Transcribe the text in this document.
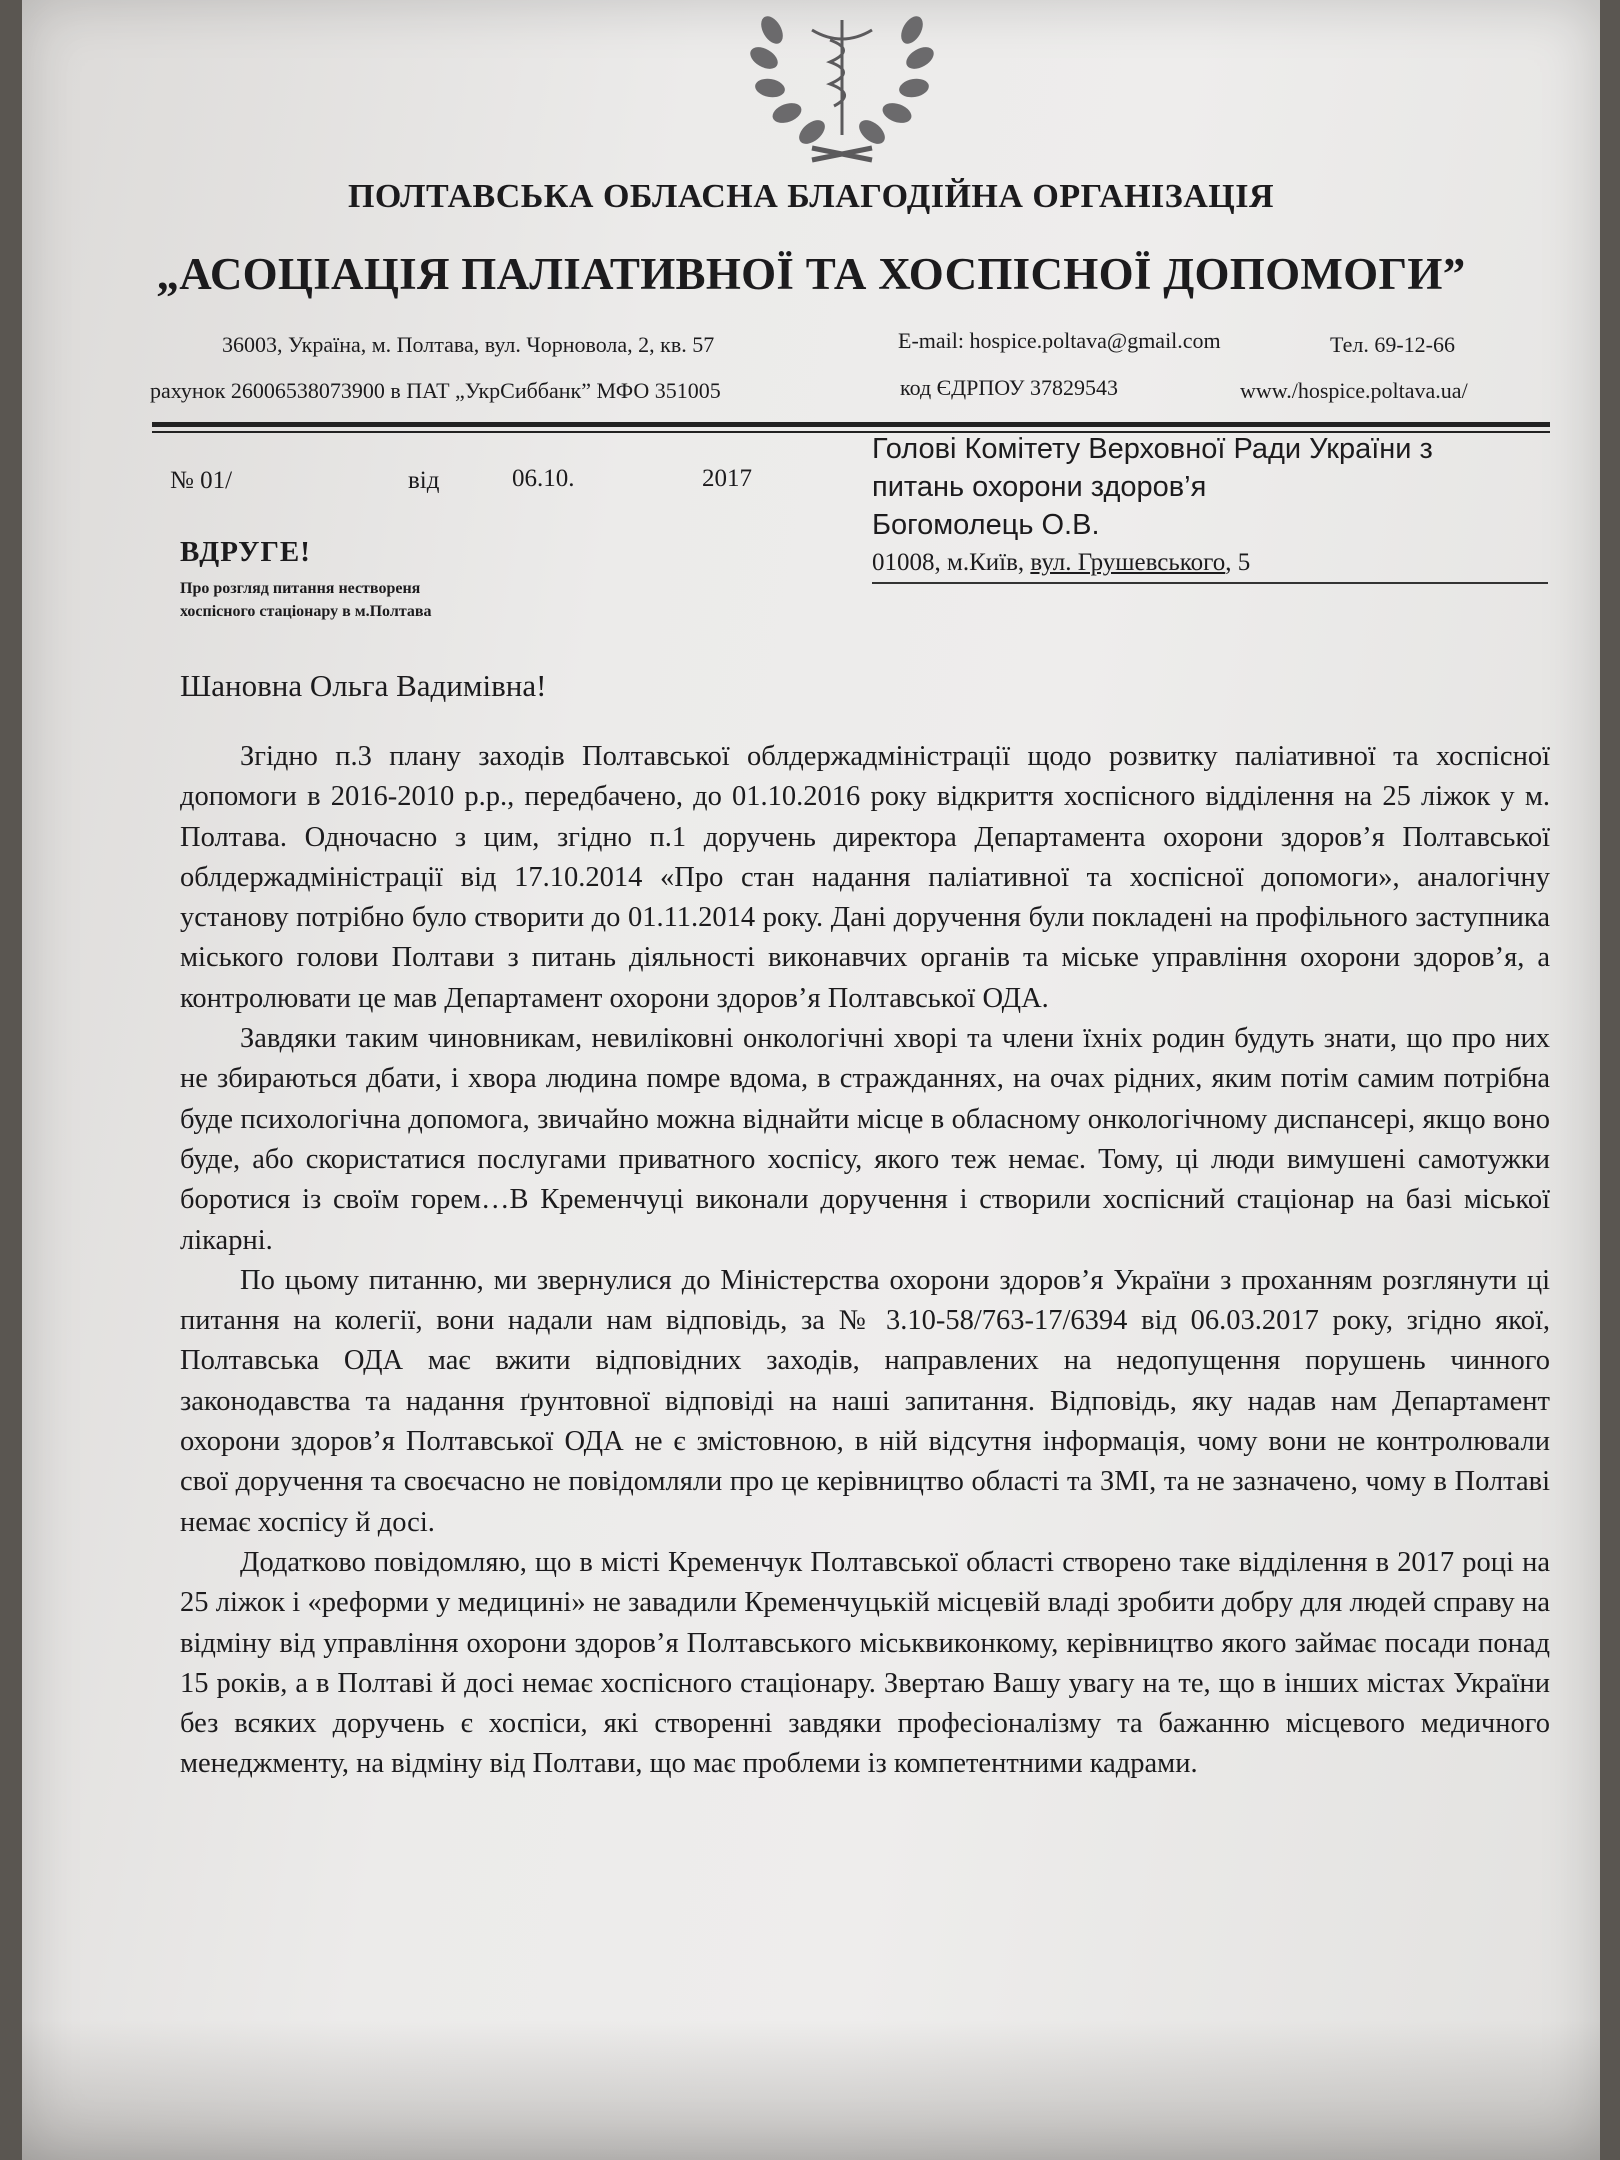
ПОЛТАВСЬКА ОБЛАСНА БЛАГОДІЙНА ОРГАНІЗАЦІЯ
„АСОЦІАЦІЯ ПАЛІАТИВНОЇ ТА ХОСПІСНОЇ ДОПОМОГИ”
36003, Україна, м. Полтава, вул. Чорновола, 2, кв. 57	E-mail: hospice.poltava@gmail.com	Тел. 69-12-66
рахунок 26006538073900 в ПАТ „УкрСиббанк” МФО 351005	код ЄДРПОУ 37829543	www./hospice.poltava.ua/
№ 01/	від	06.10.	2017
Голові Комітету Верховної Ради України з
питань охорони здоров’я
Богомолець О.В.
01008, м.Київ, вул. Грушевського, 5
ВДРУГЕ!
Про розгляд питання нествореня
хоспісного стаціонару в м.Полтава
Шановна Ольга Вадимівна!

Згідно п.3 плану заходів Полтавської облдержадміністрації щодо розвитку паліативної та хоспісної допомоги в 2016-2010 р.р., передбачено, до 01.10.2016 року відкриття хоспісного відділення на 25 ліжок у м. Полтава. Одночасно з цим, згідно п.1 доручень директора Департамента охорони здоров’я Полтавської облдержадміністрації від 17.10.2014 «Про стан надання паліативної та хоспісної допомоги», аналогічну установу потрібно було створити до 01.11.2014 року. Дані доручення були покладені на профільного заступника міського голови Полтави з питань діяльності виконавчих органів та міське управління охорони здоров’я, а контролювати це мав Департамент охорони здоров’я Полтавської ОДА.

Завдяки таким чиновникам, невиліковні онкологічні хворі та члени їхніх родин будуть знати, що про них не збираються дбати, і хвора людина помре вдома, в стражданнях, на очах рідних, яким потім самим потрібна буде психологічна допомога, звичайно можна віднайти місце в обласному онкологічному диспансері, якщо воно буде, або скористатися послугами приватного хоспісу, якого теж немає. Тому, ці люди вимушені самотужки боротися із своїм горем…В Кременчуці виконали доручення і створили хоспісний стаціонар на базі міської лікарні.

По цьому питанню, ми звернулися до Міністерства охорони здоров’я України з проханням розглянути ці питання на колегії, вони надали нам відповідь, за № 3.10-58/763-17/6394 від 06.03.2017 року, згідно якої, Полтавська ОДА має вжити відповідних заходів, направлених на недопущення порушень чинного законодавства та надання ґрунтовної відповіді на наші запитання. Відповідь, яку надав нам Департамент охорони здоров’я Полтавської ОДА не є змістовною, в ній відсутня інформація, чому вони не контролювали свої доручення та своєчасно не повідомляли про це керівництво області та ЗМІ, та не зазначено, чому в Полтаві немає хоспісу й досі.

Додатково повідомляю, що в місті Кременчук Полтавської області створено таке відділення в 2017 році на 25 ліжок і «реформи у медицині» не завадили Кременчуцькій місцевій владі зробити добру для людей справу на відміну від управління охорони здоров’я Полтавського міськвиконкому, керівництво якого займає посади понад 15 років, а в Полтаві й досі немає хоспісного стаціонару. Звертаю Вашу увагу на те, що в інших містах України без всяких доручень є хоспіси, які створенні завдяки професіоналізму та бажанню місцевого медичного менеджменту, на відміну від Полтави, що має проблеми із компетентними кадрами.
